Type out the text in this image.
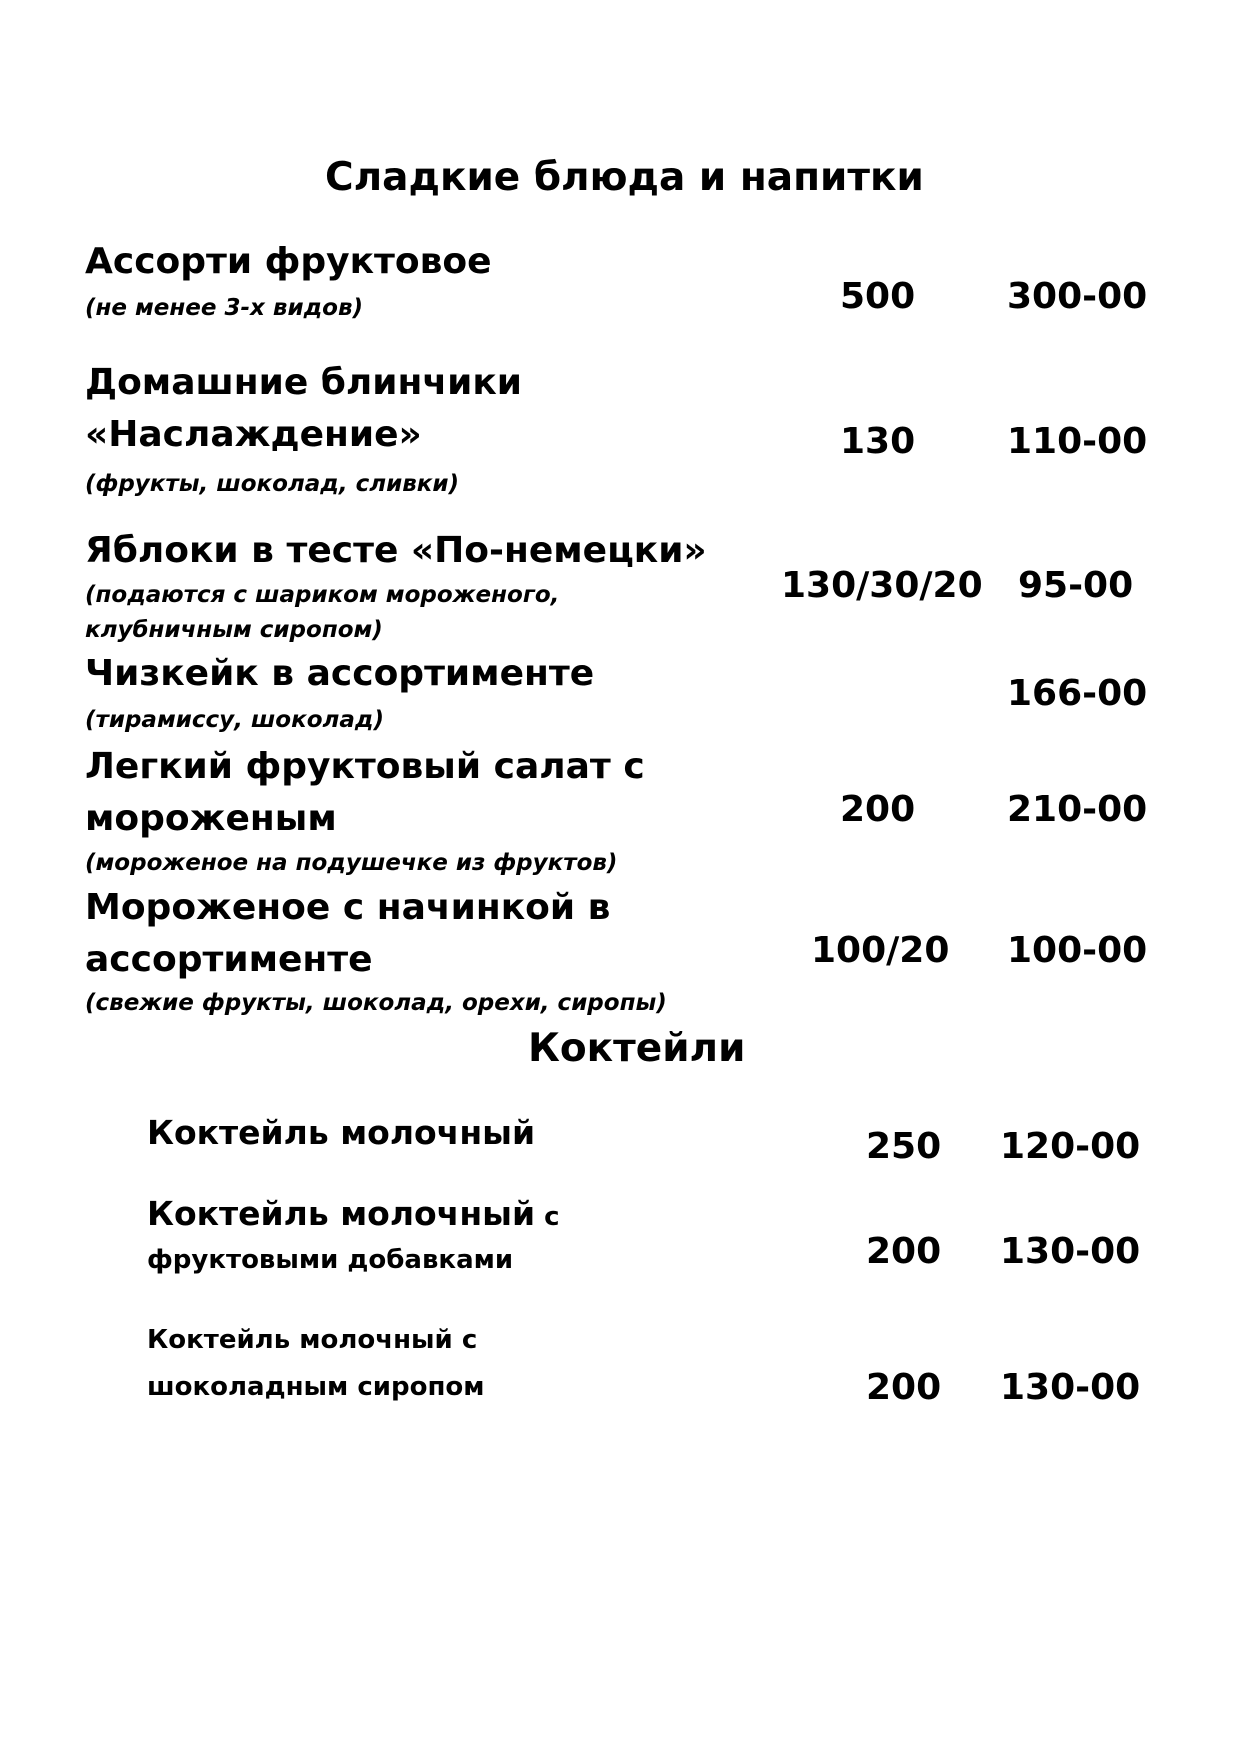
Сладкие блюда и напитки
Ассорти фруктовое
(не менее 3-х видов)	500	300-00
Домашние блинчики
«Наслаждение»
(фрукты, шоколад, сливки)
130	110-00
Яблоки в тесте «По-немецки»
(подаются с шариком мороженого,
клубничным сиропом)
130/30/20 95-00
Чизкейк в ассортименте
(тирамиссу, шоколад)
166-00
Легкий фруктовый салат с
мороженым
(мороженое на подушечке из фруктов)
200	210-00
Мороженое с начинкой в
ассортименте
(свежие фрукты, шоколад, орехи, сиропы)
100/20 100-00
Коктейли
Коктейль молочный	250 120-00
Коктейль молочный с
фруктовыми добавками	200 130-00
Коктейль молочный с
шоколадным сиропом	200 130-00
